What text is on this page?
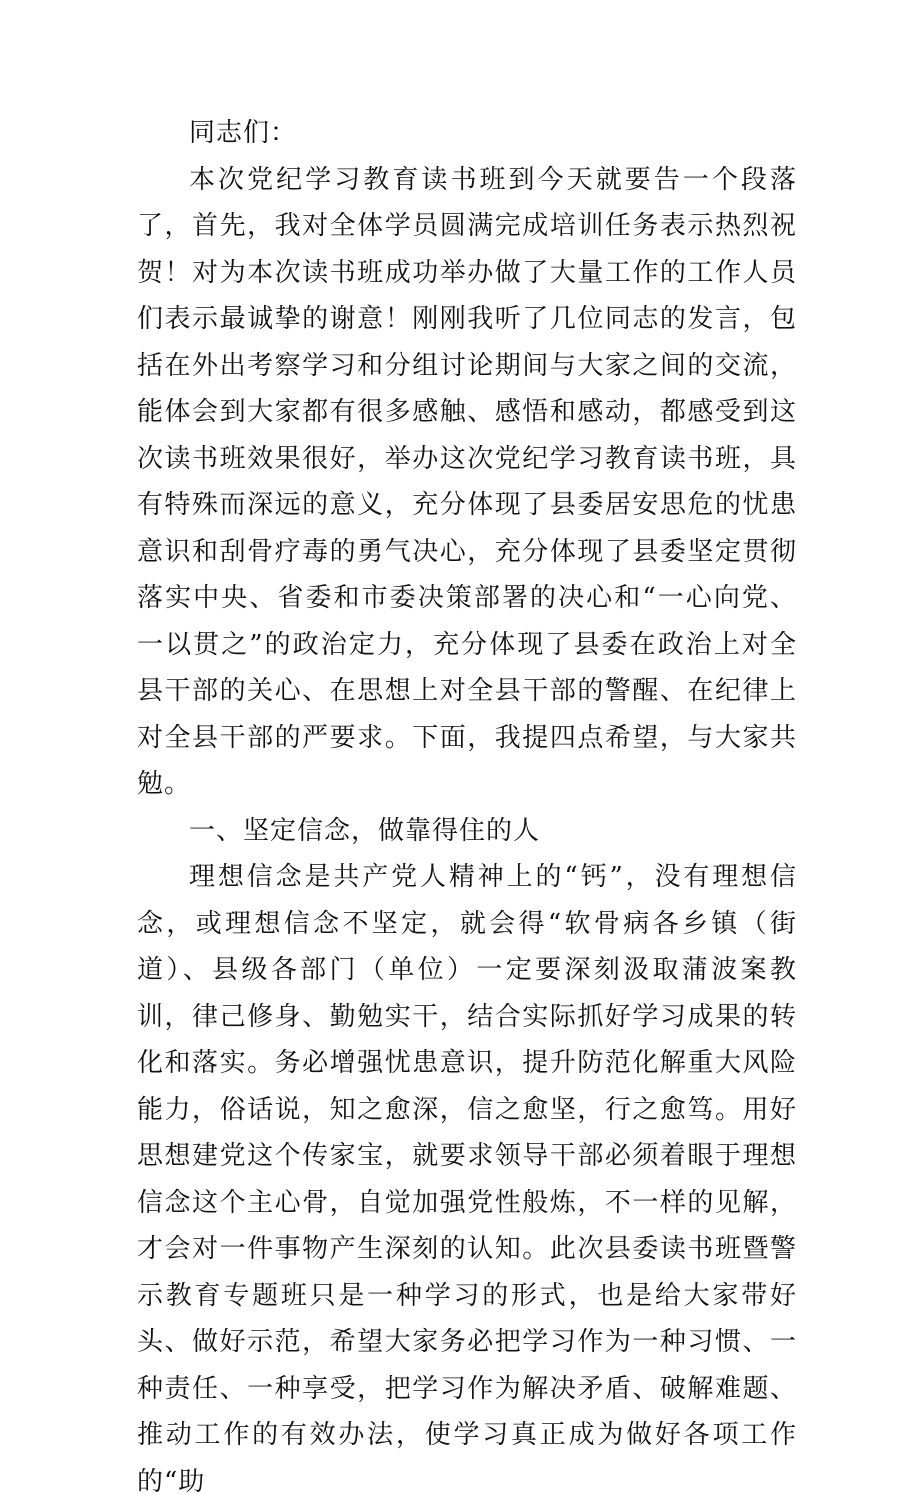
同志们：

本次党纪学习教育读书班到今天就要告一个段落了，首先，我对全体学员圆满完成培训任务表示热烈祝贺！对为本次读书班成功举办做了大量工作的工作人员们表示最诚挚的谢意！刚刚我听了几位同志的发言，包括在外出考察学习和分组讨论期间与大家之间的交流，能体会到大家都有很多感触、感悟和感动，都感受到这次读书班效果很好，举办这次党纪学习教育读书班，具有特殊而深远的意义，充分体现了县委居安思危的忧患意识和刮骨疗毒的勇气决心，充分体现了县委坚定贯彻落实中央、省委和市委决策部署的决心和“一心向党、一以贯之”的政治定力，充分体现了县委在政治上对全县干部的关心、在思想上对全县干部的警醒、在纪律上对全县干部的严要求。下面，我提四点希望，与大家共勉。

一、坚定信念，做靠得住的人

理想信念是共产党人精神上的“钙”，没有理想信念，或理想信念不坚定，就会得“软骨病各乡镇（街道）、县级各部门（单位）一定要深刻汲取蒲波案教训，律己修身、勤勉实干，结合实际抓好学习成果的转化和落实。务必增强忧患意识，提升防范化解重大风险能力，俗话说，知之愈深，信之愈坚，行之愈笃。用好思想建党这个传家宝，就要求领导干部必须着眼于理想信念这个主心骨，自觉加强党性般炼，不一样的见解，才会对一件事物产生深刻的认知。此次县委读书班暨警示教育专题班只是一种学习的形式，也是给大家带好头、做好示范，希望大家务必把学习作为一种习惯、一种责任、一种享受，把学习作为解决矛盾、破解难题、推动工作的有效办法，使学习真正成为做好各项工作的“助
